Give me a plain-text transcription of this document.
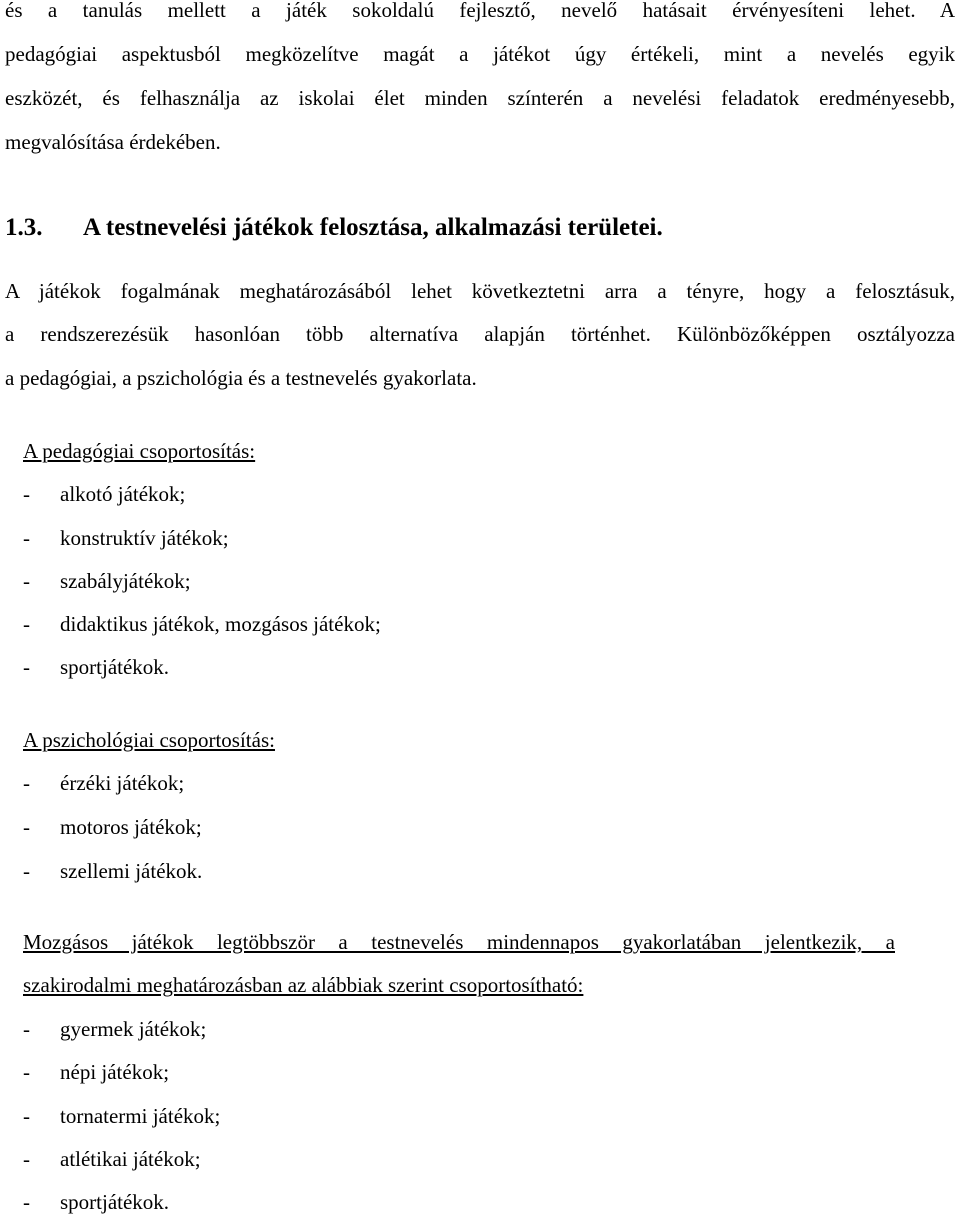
és a tanulás mellett a játék sokoldalú fejlesztő, nevelő hatásait érvényesíteni lehet. A
pedagógiai aspektusból megközelítve magát a játékot úgy értékeli, mint a nevelés egyik
eszközét, és felhasználja az iskolai élet minden színterén a nevelési feladatok eredményesebb,
megvalósítása érdekében.
1.3. A testnevelési játékok felosztása, alkalmazási területei.
A játékok fogalmának meghatározásából lehet következtetni arra a tényre, hogy a felosztásuk,
a rendszerezésük hasonlóan több alternatíva alapján történhet. Különbözőképpen osztályozza
a pedagógiai, a pszichológia és a testnevelés gyakorlata.
A pedagógiai csoportosítás:
- alkotó játékok;
- konstruktív játékok;
- szabályjátékok;
- didaktikus játékok, mozgásos játékok;
- sportjátékok.
A pszichológiai csoportosítás:
- érzéki játékok;
- motoros játékok;
- szellemi játékok.
Mozgásos játékok legtöbbször a testnevelés mindennapos gyakorlatában jelentkezik, a
szakirodalmi meghatározásban az alábbiak szerint csoportosítható:
- gyermek játékok;
- népi játékok;
- tornatermi játékok;
- atlétikai játékok;
- sportjátékok.
